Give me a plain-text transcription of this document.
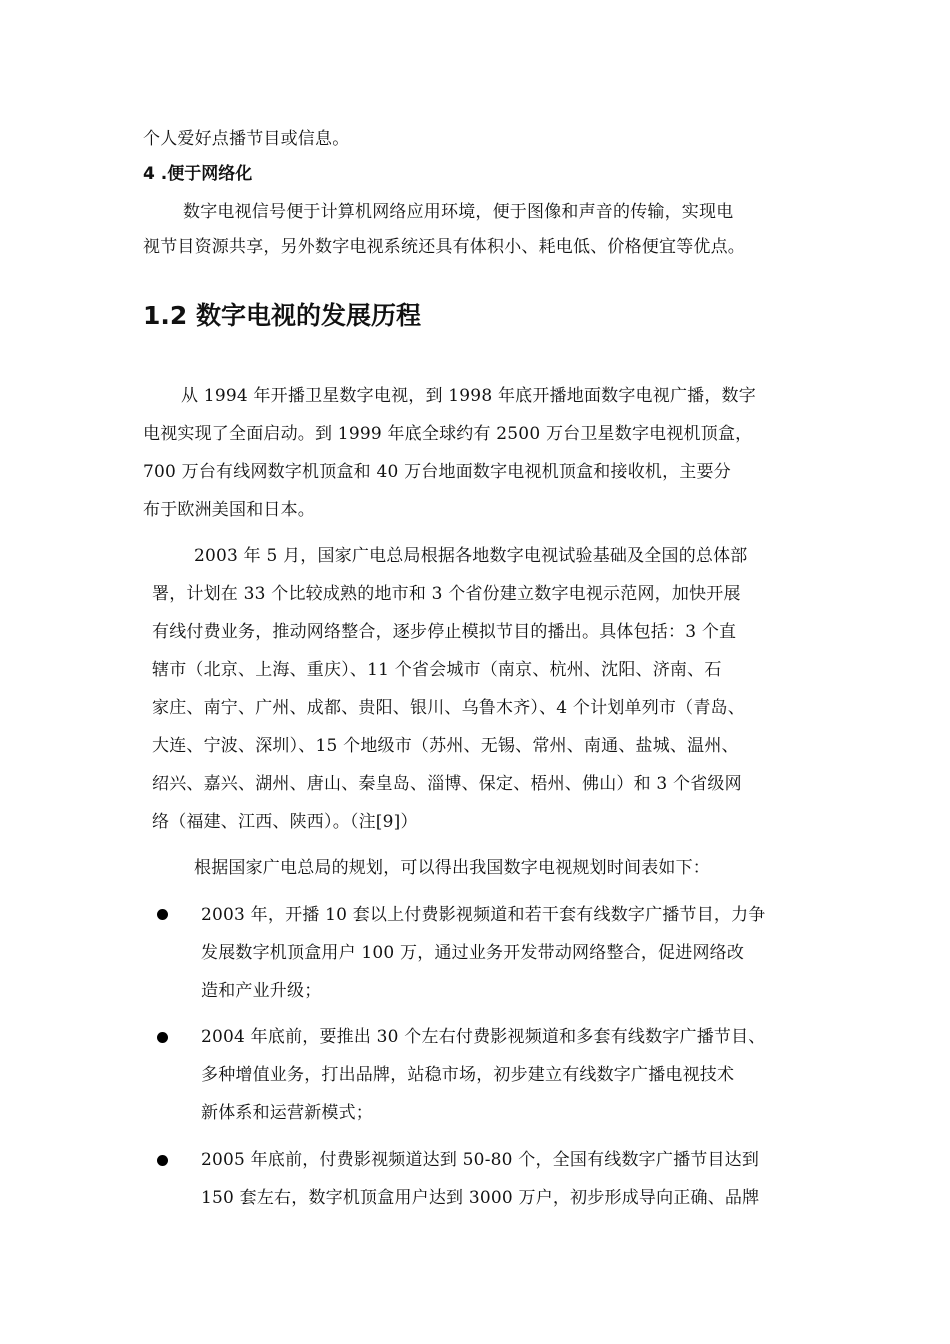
个人爱好点播节目或信息。
4 .便于网络化
数字电视信号便于计算机网络应用环境，便于图像和声音的传输，实现电
视节目资源共享，另外数字电视系统还具有体积小、耗电低、价格便宜等优点。
1.2 数字电视的发展历程
从 1994 年开播卫星数字电视，到 1998 年底开播地面数字电视广播，数字
电视实现了全面启动。到 1999 年底全球约有 2500 万台卫星数字电视机顶盒，
700 万台有线网数字机顶盒和 40 万台地面数字电视机顶盒和接收机，主要分
布于欧洲美国和日本。
2003 年 5 月，国家广电总局根据各地数字电视试验基础及全国的总体部
署，计划在 33 个比较成熟的地市和 3 个省份建立数字电视示范网，加快开展
有线付费业务，推动网络整合，逐步停止模拟节目的播出。具体包括：3 个直
辖市（北京、上海、重庆）、11 个省会城市（南京、杭州、沈阳、济南、石
家庄、南宁、广州、成都、贵阳、银川、乌鲁木齐）、4 个计划单列市（青岛、
大连、宁波、深圳）、15 个地级市（苏州、无锡、常州、南通、盐城、温州、
绍兴、嘉兴、湖州、唐山、秦皇岛、淄博、保定、梧州、佛山）和 3 个省级网
络（福建、江西、陕西）。（注[9]）
根据国家广电总局的规划，可以得出我国数字电视规划时间表如下：
2003 年，开播 10 套以上付费影视频道和若干套有线数字广播节目，力争
发展数字机顶盒用户 100 万，通过业务开发带动网络整合，促进网络改
造和产业升级；
2004 年底前，要推出 30 个左右付费影视频道和多套有线数字广播节目、
多种增值业务，打出品牌，站稳市场，初步建立有线数字广播电视技术
新体系和运营新模式；
2005 年底前，付费影视频道达到 50-80 个，全国有线数字广播节目达到
150 套左右，数字机顶盒用户达到 3000 万户，初步形成导向正确、品牌
